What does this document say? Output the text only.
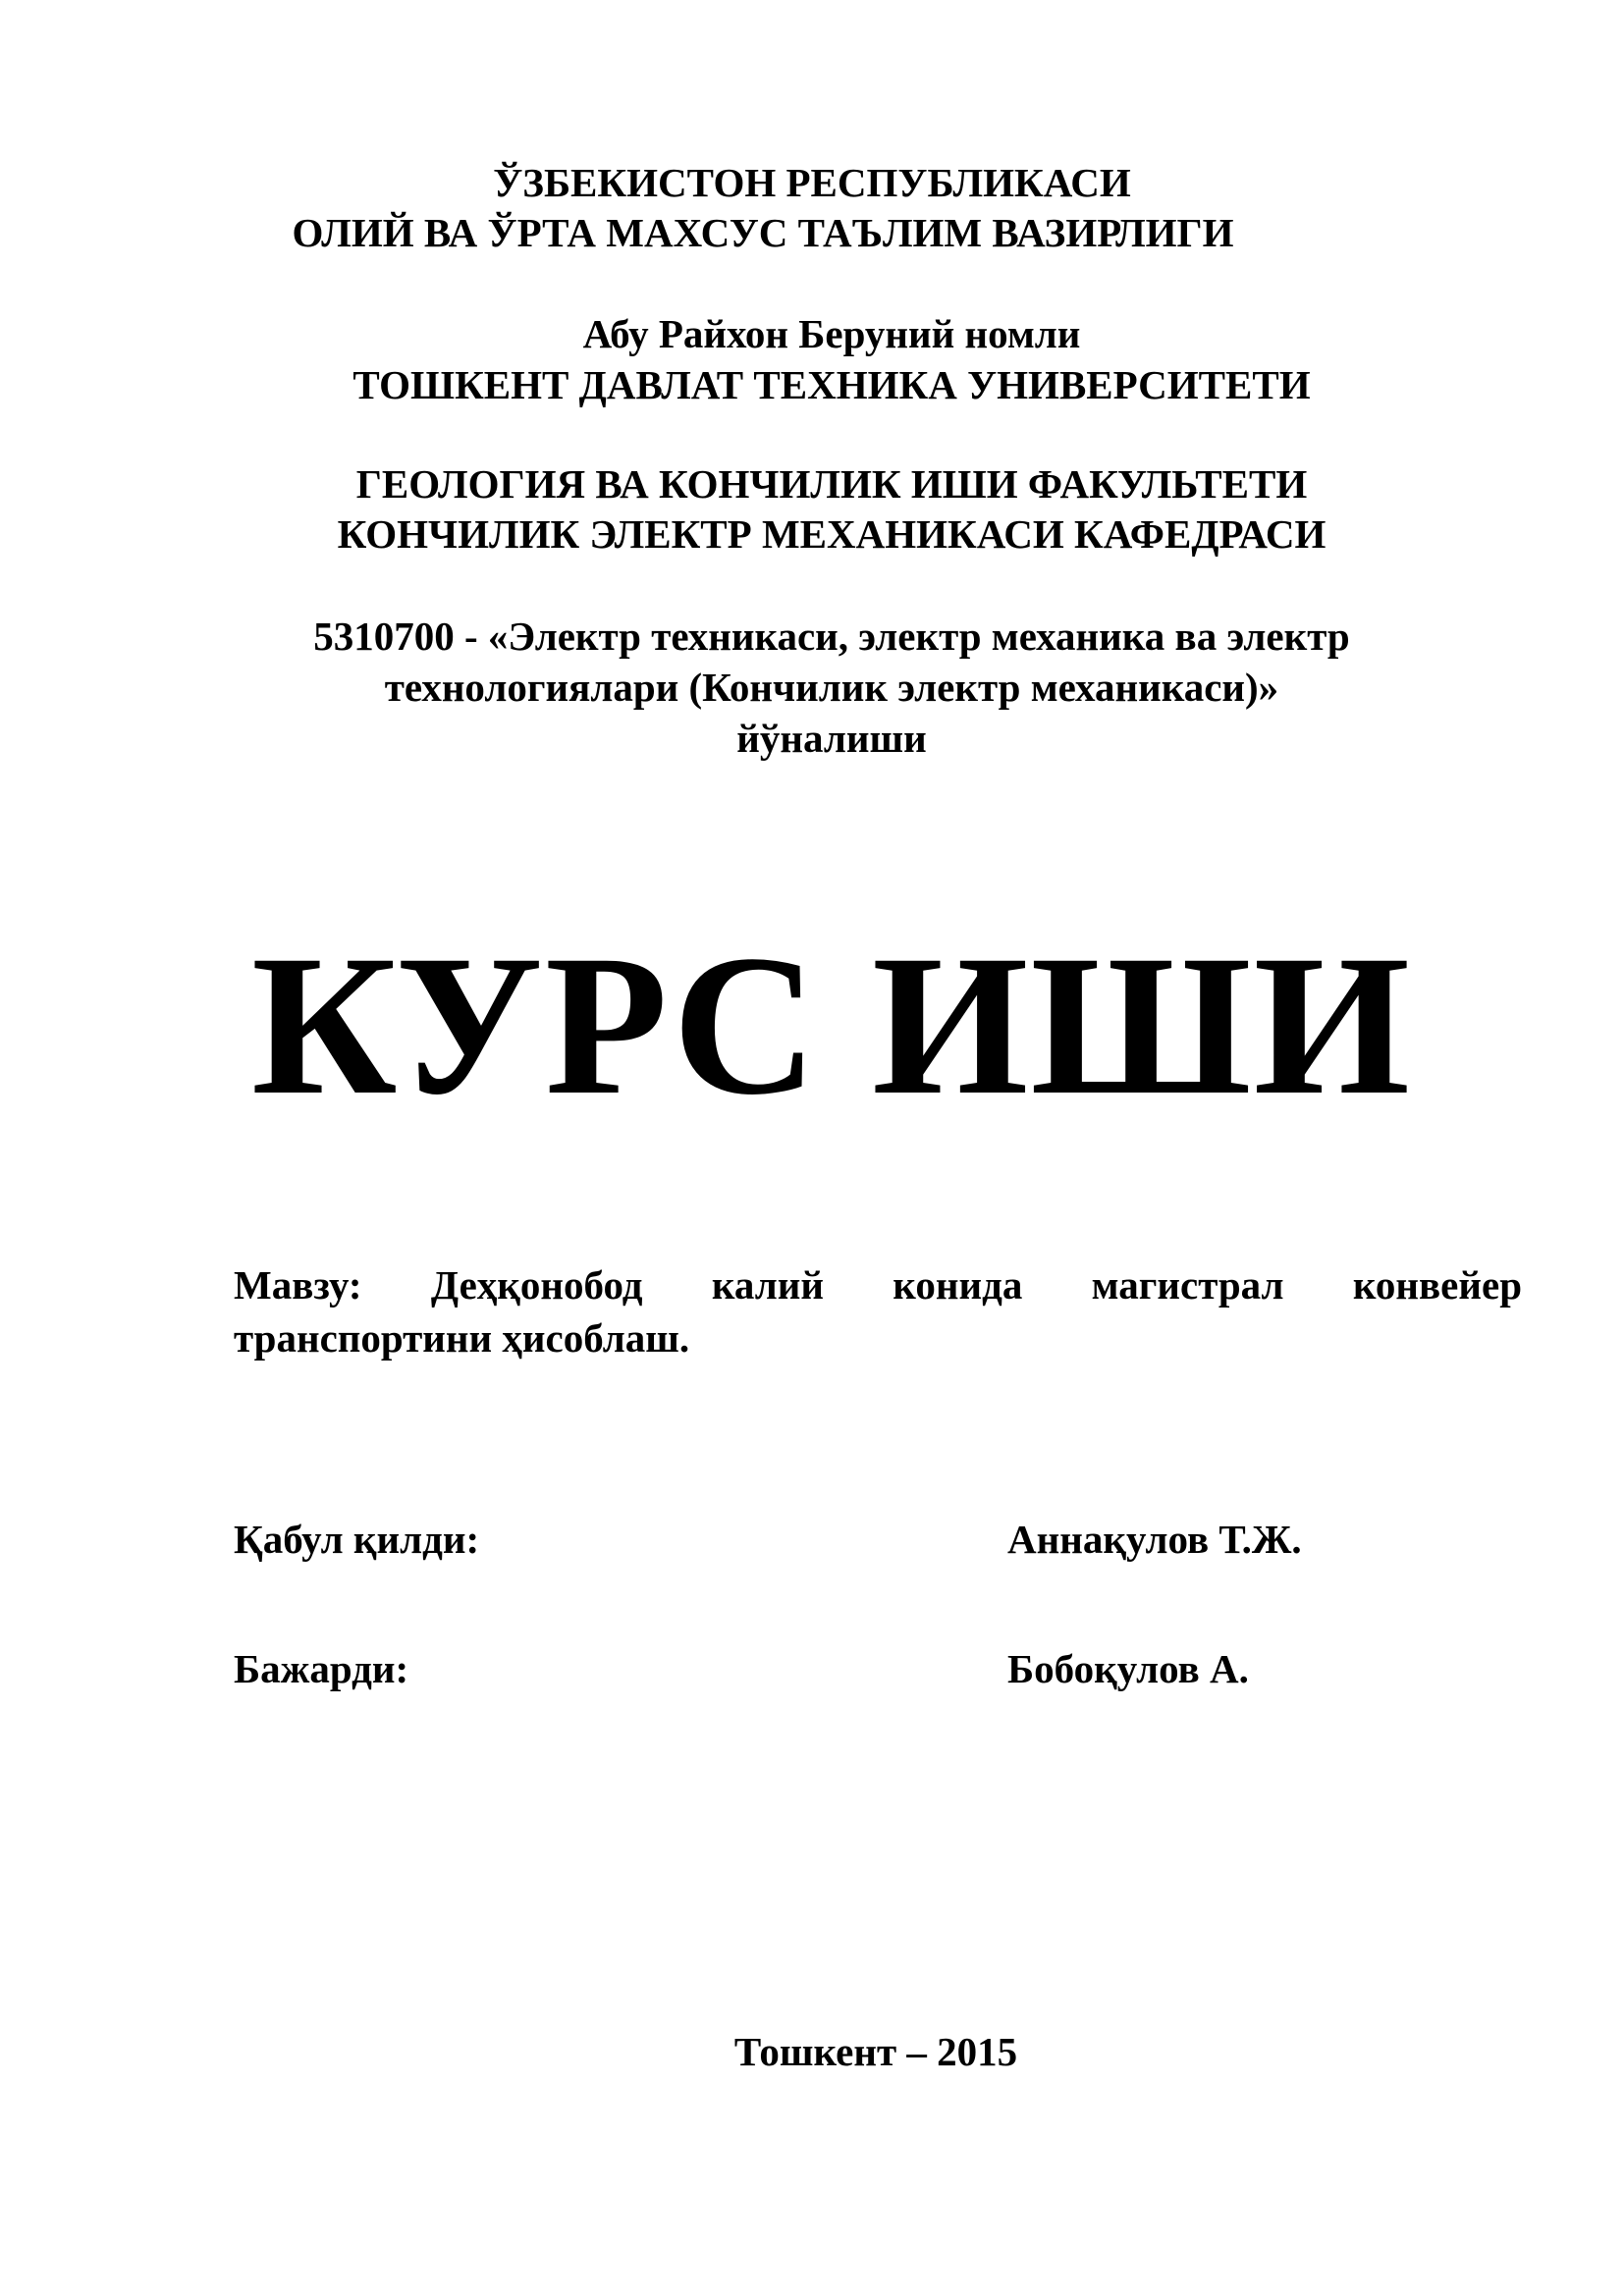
ЎЗБЕКИСТОН РЕСПУБЛИКАСИ
ОЛИЙ ВА ЎРТА МАХСУС ТАЪЛИМ ВАЗИРЛИГИ
Абу Райхон Беруний номли
ТОШКЕНТ ДАВЛАТ ТЕХНИКА УНИВЕРСИТЕТИ
ГЕОЛОГИЯ ВА КОНЧИЛИК ИШИ ФАКУЛЬТЕТИ
КОНЧИЛИК ЭЛЕКТР МЕХАНИКАСИ КАФЕДРАСИ
5310700 - «Электр техникаси, электр механика ва электр
технологиялари (Кончилик электр механикаси)»
йўналиши
КУРС ИШИ
Мавзу: Деҳқонобод калий конида магистрал конвейер
транспортини ҳисоблаш.
Қабул қилди:	Аннақулов Т.Ж.
Бажарди:	Бобоқулов А.
Тошкент – 2015
